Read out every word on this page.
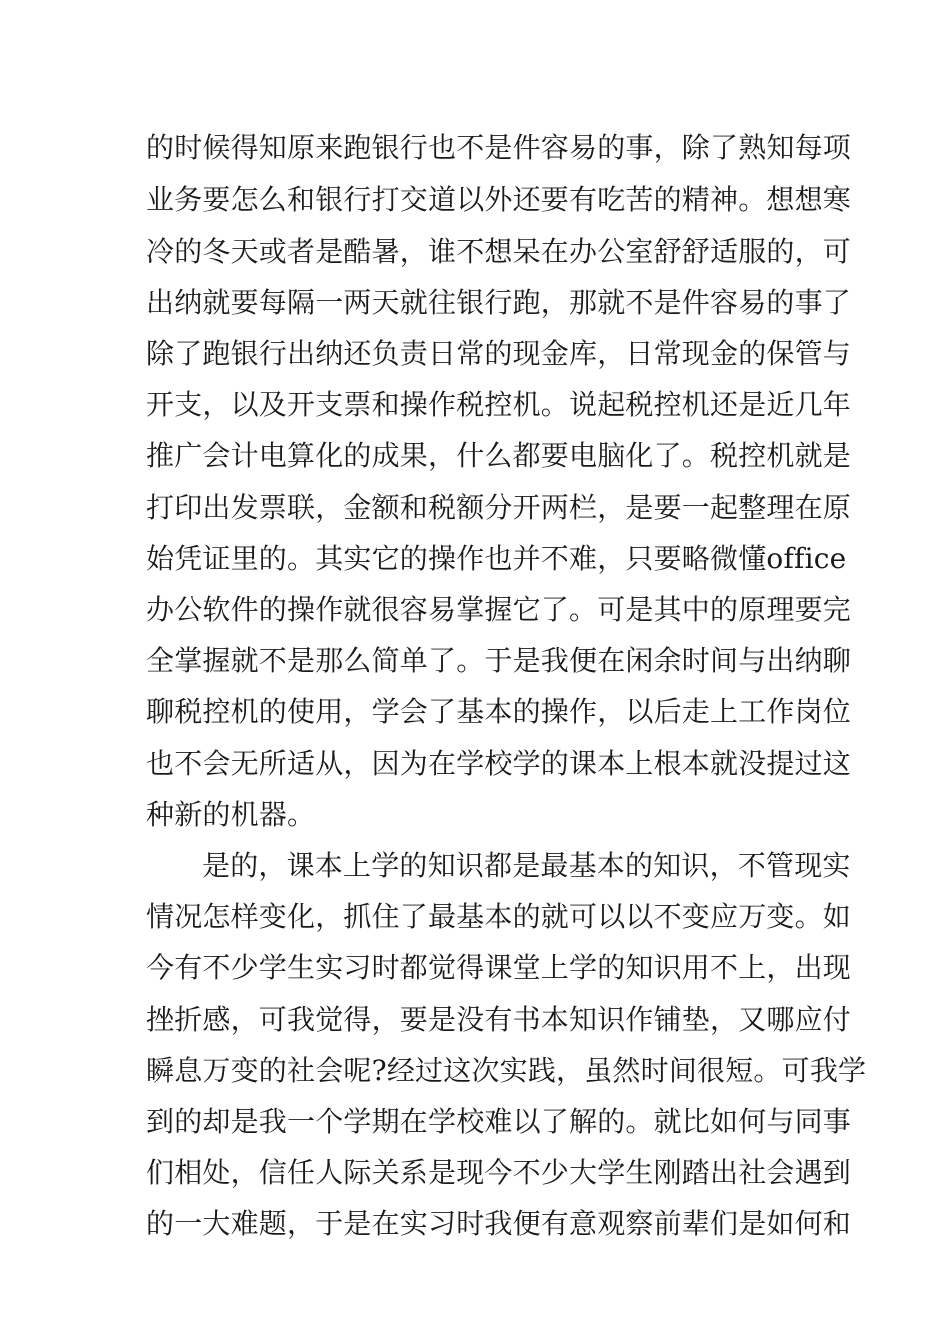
的时候得知原来跑银行也不是件容易的事，除了熟知每项
业务要怎么和银行打交道以外还要有吃苦的精神。想想寒
冷的冬天或者是酷暑，谁不想呆在办公室舒舒适服的，可
出纳就要每隔一两天就往银行跑，那就不是件容易的事了
除了跑银行出纳还负责日常的现金库，日常现金的保管与
开支，以及开支票和操作税控机。说起税控机还是近几年
推广会计电算化的成果，什么都要电脑化了。税控机就是
打印出发票联，金额和税额分开两栏，是要一起整理在原
始凭证里的。其实它的操作也并不难，只要略微懂office
办公软件的操作就很容易掌握它了。可是其中的原理要完
全掌握就不是那么简单了。于是我便在闲余时间与出纳聊
聊税控机的使用，学会了基本的操作，以后走上工作岗位
也不会无所适从，因为在学校学的课本上根本就没提过这
种新的机器。
是的，课本上学的知识都是最基本的知识，不管现实
情况怎样变化，抓住了最基本的就可以以不变应万变。如
今有不少学生实习时都觉得课堂上学的知识用不上，出现
挫折感，可我觉得，要是没有书本知识作铺垫，又哪应付
瞬息万变的社会呢?经过这次实践，虽然时间很短。可我学
到的却是我一个学期在学校难以了解的。就比如何与同事
们相处，信任人际关系是现今不少大学生刚踏出社会遇到
的一大难题，于是在实习时我便有意观察前辈们是如何和
